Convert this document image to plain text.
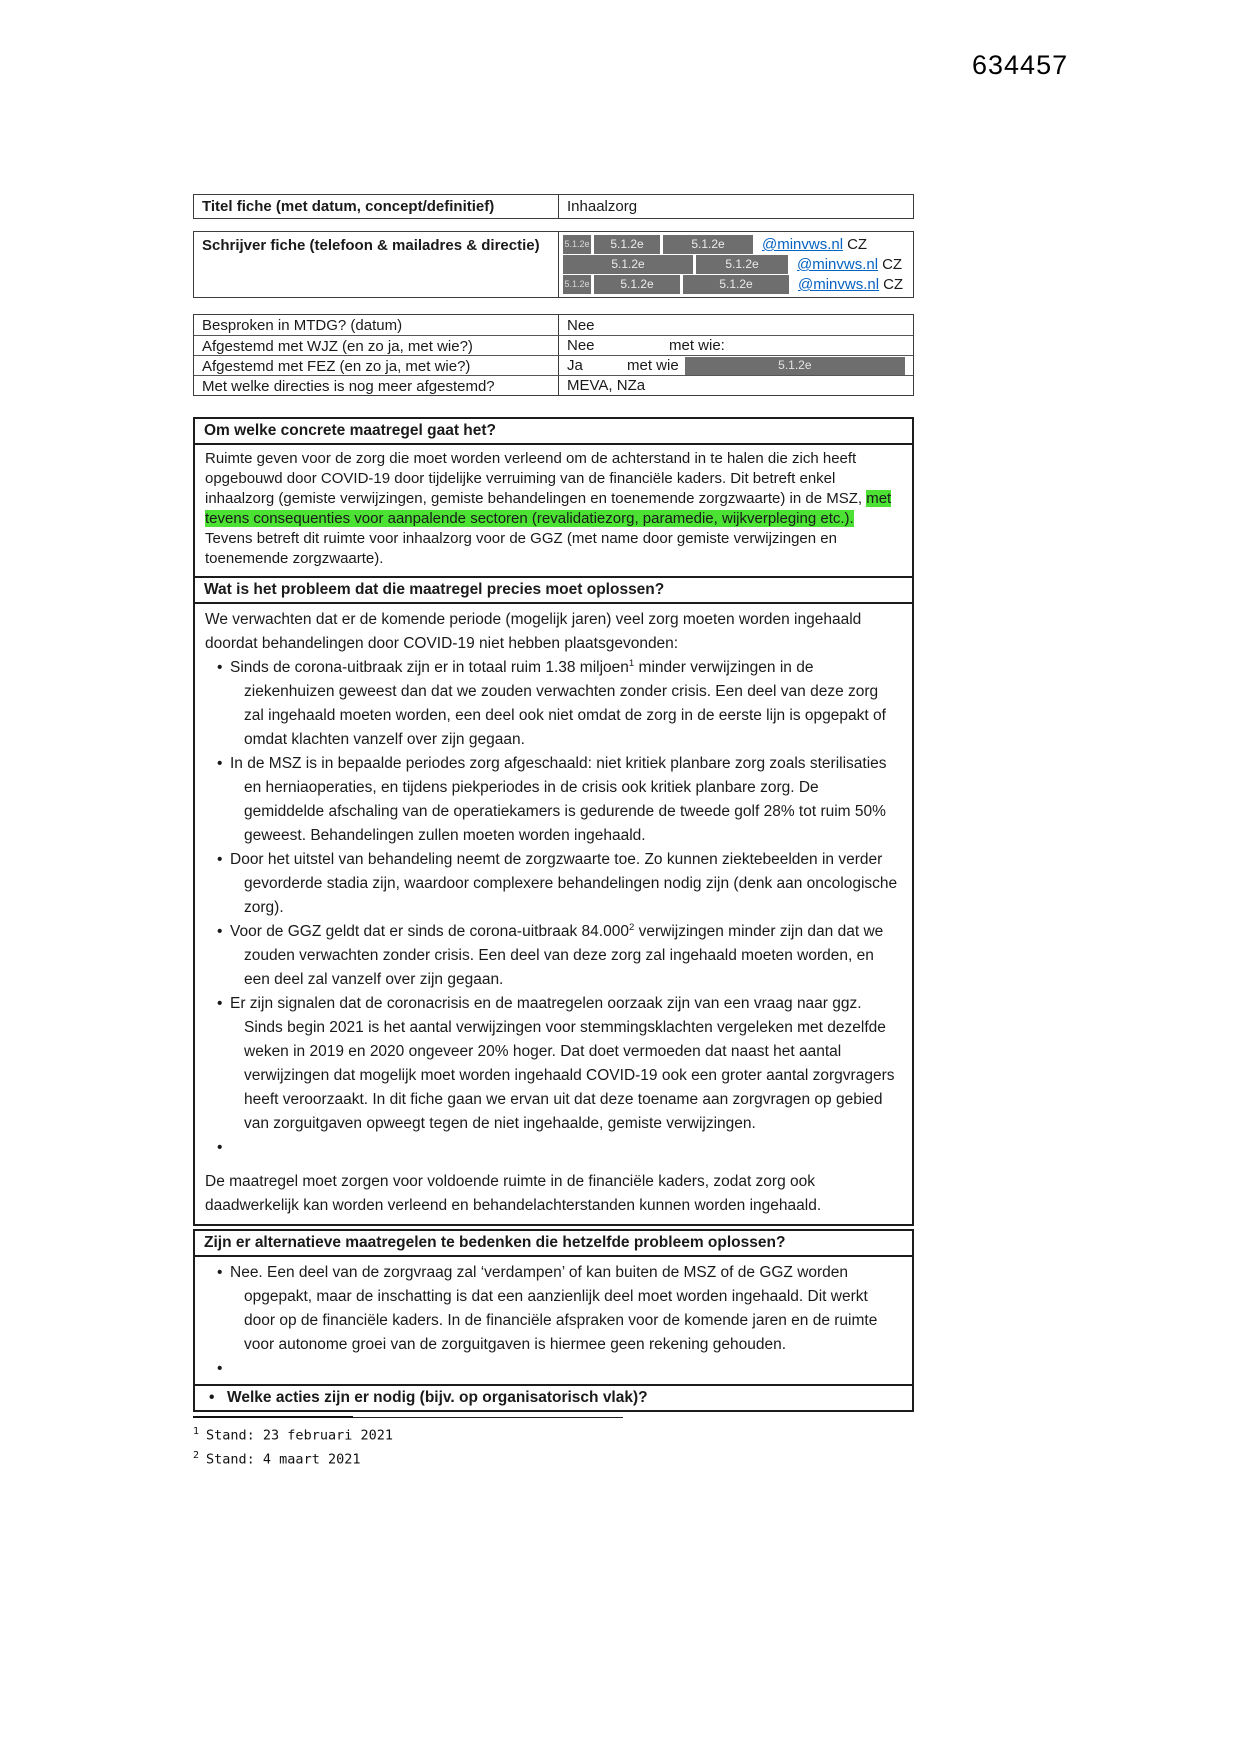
634457
Titel fiche (met datum, concept/definitief)	Inhaalzorg
Schrijver fiche (telefoon & mailadres & directie)	5.1.2e	5.1.2e	5.1.2e	@minvws.nl CZ
5.1.2e	5.1.2e	@minvws.nl CZ
5.1.2e	5.1.2e	5.1.2e	@minvws.nl CZ
Besproken in MTDG? (datum)	Nee
Afgestemd met WJZ (en zo ja, met wie?)	Nee	met wie:
Afgestemd met FEZ (en zo ja, met wie?)	Ja	met wie	5.1.2e
Met welke directies is nog meer afgestemd?	MEVA, NZa
Om welke concrete maatregel gaat het?
Ruimte geven voor de zorg die moet worden verleend om de achterstand in te halen die zich heeft opgebouwd door COVID-19 door tijdelijke verruiming van de financiële kaders. Dit betreft enkel inhaalzorg (gemiste verwijzingen, gemiste behandelingen en toenemende zorgzwaarte) in de MSZ, met tevens consequenties voor aanpalende sectoren (revalidatiezorg, paramedie, wijkverpleging etc.). Tevens betreft dit ruimte voor inhaalzorg voor de GGZ (met name door gemiste verwijzingen en toenemende zorgzwaarte).
Wat is het probleem dat die maatregel precies moet oplossen?
We verwachten dat er de komende periode (mogelijk jaren) veel zorg moeten worden ingehaald doordat behandelingen door COVID-19 niet hebben plaatsgevonden:
• Sinds de corona-uitbraak zijn er in totaal ruim 1.38 miljoen$^1$ minder verwijzingen in de ziekenhuizen geweest dan dat we zouden verwachten zonder crisis. Een deel van deze zorg zal ingehaald moeten worden, een deel ook niet omdat de zorg in de eerste lijn is opgepakt of omdat klachten vanzelf over zijn gegaan.
• In de MSZ is in bepaalde periodes zorg afgeschaald: niet kritiek planbare zorg zoals sterilisaties en herniaoperaties, en tijdens piekperiodes in de crisis ook kritiek planbare zorg. De gemiddelde afschaling van de operatiekamers is gedurende de tweede golf 28% tot ruim 50% geweest. Behandelingen zullen moeten worden ingehaald.
• Door het uitstel van behandeling neemt de zorgzwaarte toe. Zo kunnen ziektebeelden in verder gevorderde stadia zijn, waardoor complexere behandelingen nodig zijn (denk aan oncologische zorg).
• Voor de GGZ geldt dat er sinds de corona-uitbraak 84.000$^2$ verwijzingen minder zijn dan dat we zouden verwachten zonder crisis. Een deel van deze zorg zal ingehaald moeten worden, en een deel zal vanzelf over zijn gegaan.
• Er zijn signalen dat de coronacrisis en de maatregelen oorzaak zijn van een vraag naar ggz. Sinds begin 2021 is het aantal verwijzingen voor stemmingsklachten vergeleken met dezelfde weken in 2019 en 2020 ongeveer 20% hoger. Dat doet vermoeden dat naast het aantal verwijzingen dat mogelijk moet worden ingehaald COVID-19 ook een groter aantal zorgvragers heeft veroorzaakt. In dit fiche gaan we ervan uit dat deze toename aan zorgvragen op gebied van zorguitgaven opweegt tegen de niet ingehaalde, gemiste verwijzingen.
•
De maatregel moet zorgen voor voldoende ruimte in de financiële kaders, zodat zorg ook daadwerkelijk kan worden verleend en behandelachterstanden kunnen worden ingehaald.
Zijn er alternatieve maatregelen te bedenken die hetzelfde probleem oplossen?
• Nee. Een deel van de zorgvraag zal ‘verdampen’ of kan buiten de MSZ of de GGZ worden opgepakt, maar de inschatting is dat een aanzienlijk deel moet worden ingehaald. Dit werkt door op de financiële kaders. In de financiële afspraken voor de komende jaren en de ruimte voor autonome groei van de zorguitgaven is hiermee geen rekening gehouden.
•
• Welke acties zijn er nodig (bijv. op organisatorisch vlak)?
$^1$ Stand: 23 februari 2021
$^2$ Stand: 4 maart 2021
